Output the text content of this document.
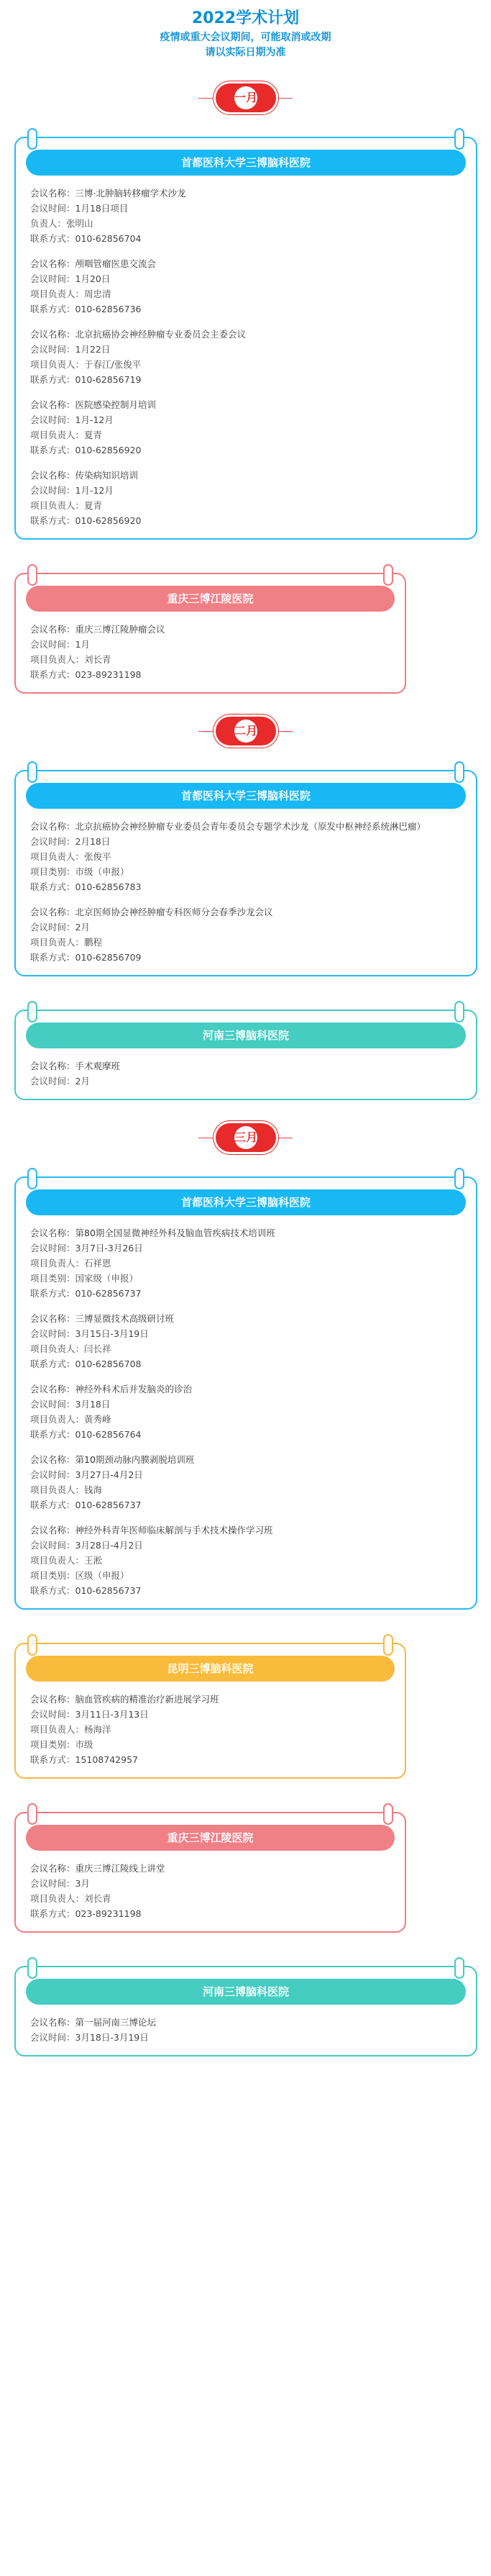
2022学术计划
疫情或重大会议期间，可能取消或改期
请以实际日期为准
一月
首都医科大学三博脑科医院
会议名称：三博·北肿脑转移瘤学术沙龙
会议时间：1月18日项目
负责人：张明山
联系方式：010-62856704
会议名称：颅咽管瘤医患交流会
会议时间：1月20日
项目负责人：周忠清
联系方式：010-62856736
会议名称：北京抗癌协会神经肿瘤专业委员会主委会议
会议时间：1月22日
项目负责人：于春江/张俊平
联系方式：010-62856719
会议名称：医院感染控制月培训
会议时间：1月-12月
项目负责人：夏青
联系方式：010-62856920
会议名称：传染病知识培训
会议时间：1月-12月
项目负责人：夏青
联系方式：010-62856920
重庆三博江陵医院
会议名称：重庆三博江陵肿瘤会议
会议时间：1月
项目负责人：刘长青
联系方式：023-89231198
二月
首都医科大学三博脑科医院
会议名称：北京抗癌协会神经肿瘤专业委员会青年委员会专题学术沙龙（原发中枢神经系统淋巴瘤）
会议时间：2月18日
项目负责人：张俊平
项目类别：市级（申报）
联系方式：010-62856783
会议名称：北京医师协会神经肿瘤专科医师分会春季沙龙会议
会议时间：2月
项目负责人：鹏程
联系方式：010-62856709
河南三博脑科医院
会议名称：手术观摩班
会议时间：2月
三月
首都医科大学三博脑科医院
会议名称：第80期全国显微神经外科及脑血管疾病技术培训班
会议时间：3月7日-3月26日
项目负责人：石祥恩
项目类别：国家级（申报）
联系方式：010-62856737
会议名称：三博显微技术高级研讨班
会议时间：3月15日-3月19日
项目负责人：闫长祥
联系方式：010-62856708
会议名称：神经外科术后并发脑炎的诊治
会议时间：3月18日
项目负责人：黄秀峰
联系方式：010-62856764
会议名称：第10期颈动脉内膜剥脱培训班
会议时间：3月27日-4月2日
项目负责人：钱海
联系方式：010-62856737
会议名称：神经外科青年医师临床解剖与手术技术操作学习班
会议时间：3月28日-4月2日
项目负责人：王淞
项目类别：区级（申报）
联系方式：010-62856737
昆明三博脑科医院
会议名称：脑血管疾病的精准治疗新进展学习班
会议时间：3月11日-3月13日
项目负责人：杨海洋
项目类别：市级
联系方式：15108742957
重庆三博江陵医院
会议名称：重庆三博江陵线上讲堂
会议时间：3月
项目负责人：刘长青
联系方式：023-89231198
河南三博脑科医院
会议名称：第一届河南三博论坛
会议时间：3月18日-3月19日
